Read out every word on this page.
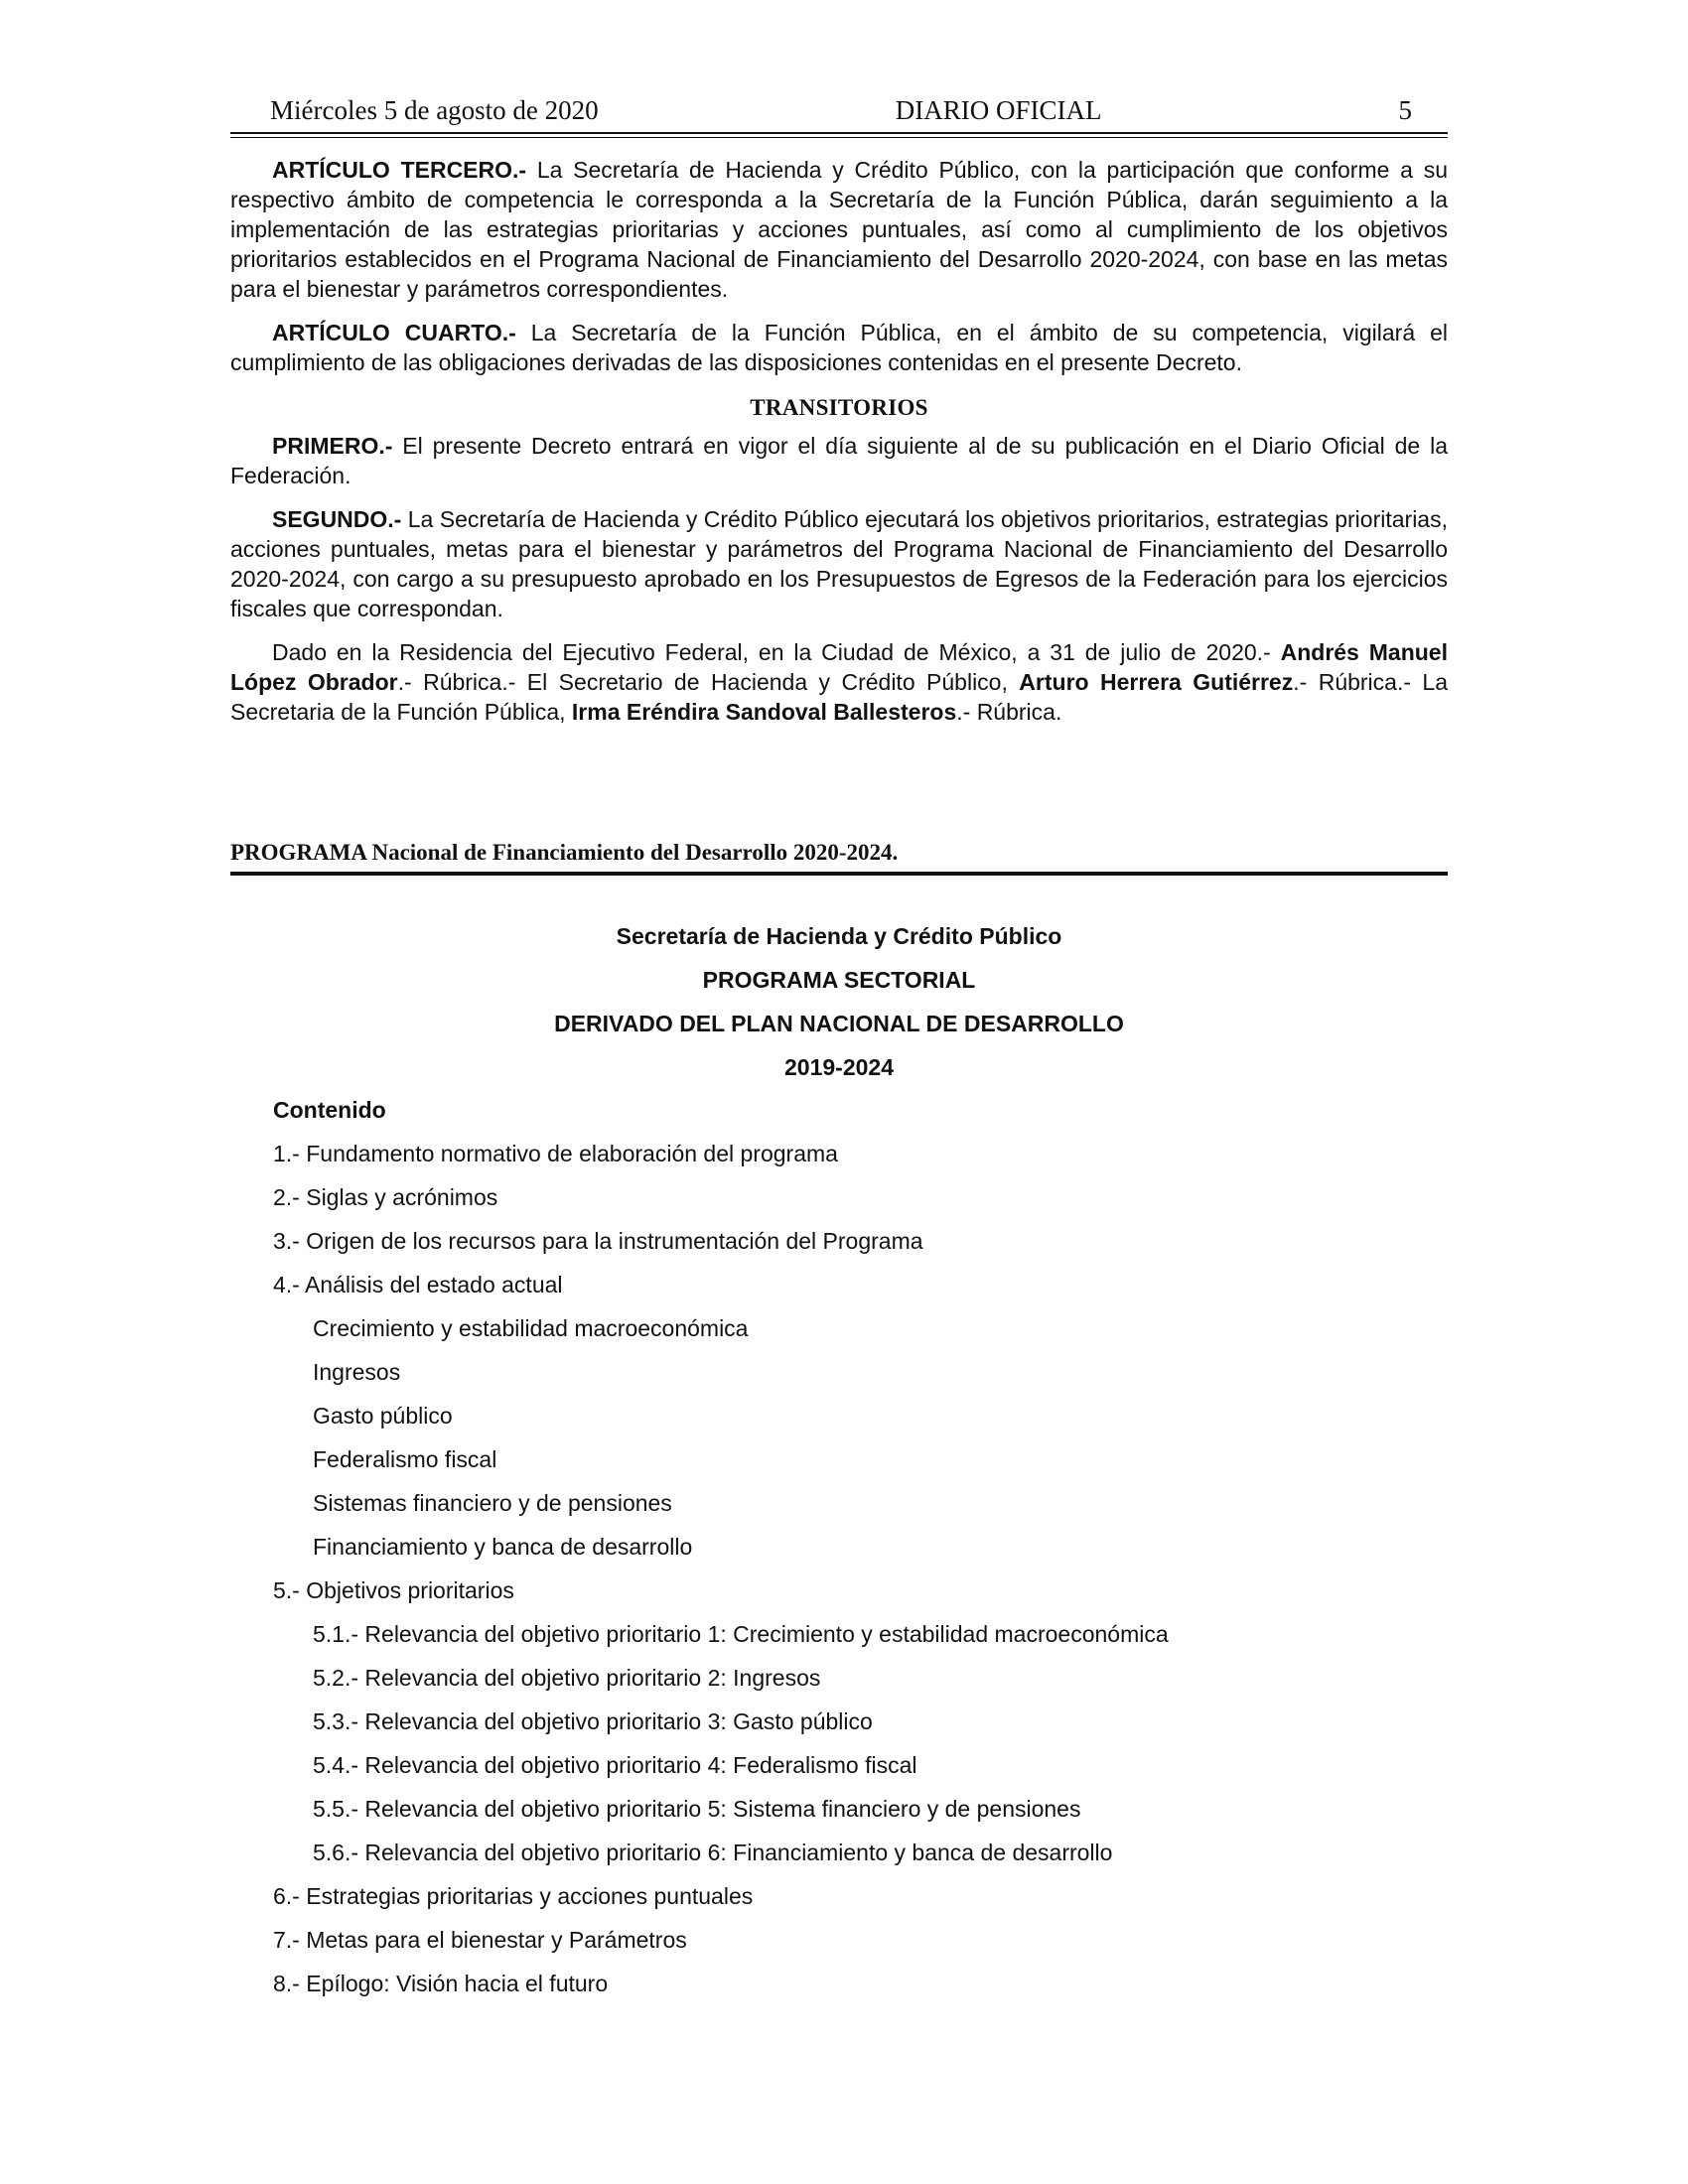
Miércoles 5 de agosto de 2020	DIARIO OFICIAL	5

ARTÍCULO TERCERO.- La Secretaría de Hacienda y Crédito Público, con la participación que conforme a su respectivo ámbito de competencia le corresponda a la Secretaría de la Función Pública, darán seguimiento a la implementación de las estrategias prioritarias y acciones puntuales, así como al cumplimiento de los objetivos prioritarios establecidos en el Programa Nacional de Financiamiento del Desarrollo 2020-2024, con base en las metas para el bienestar y parámetros correspondientes.

ARTÍCULO CUARTO.- La Secretaría de la Función Pública, en el ámbito de su competencia, vigilará el cumplimiento de las obligaciones derivadas de las disposiciones contenidas en el presente Decreto.

TRANSITORIOS

PRIMERO.- El presente Decreto entrará en vigor el día siguiente al de su publicación en el Diario Oficial de la Federación.

SEGUNDO.- La Secretaría de Hacienda y Crédito Público ejecutará los objetivos prioritarios, estrategias prioritarias, acciones puntuales, metas para el bienestar y parámetros del Programa Nacional de Financiamiento del Desarrollo 2020-2024, con cargo a su presupuesto aprobado en los Presupuestos de Egresos de la Federación para los ejercicios fiscales que correspondan.

Dado en la Residencia del Ejecutivo Federal, en la Ciudad de México, a 31 de julio de 2020.- Andrés Manuel López Obrador.- Rúbrica.- El Secretario de Hacienda y Crédito Público, Arturo Herrera Gutiérrez.- Rúbrica.- La Secretaria de la Función Pública, Irma Eréndira Sandoval Ballesteros.- Rúbrica.

PROGRAMA Nacional de Financiamiento del Desarrollo 2020-2024.
Secretaría de Hacienda y Crédito Público
PROGRAMA SECTORIAL
DERIVADO DEL PLAN NACIONAL DE DESARROLLO
2019-2024
Contenido
1.- Fundamento normativo de elaboración del programa
2.- Siglas y acrónimos
3.- Origen de los recursos para la instrumentación del Programa
4.- Análisis del estado actual
Crecimiento y estabilidad macroeconómica
Ingresos
Gasto público
Federalismo fiscal
Sistemas financiero y de pensiones
Financiamiento y banca de desarrollo
5.- Objetivos prioritarios
5.1.- Relevancia del objetivo prioritario 1: Crecimiento y estabilidad macroeconómica
5.2.- Relevancia del objetivo prioritario 2: Ingresos
5.3.- Relevancia del objetivo prioritario 3: Gasto público
5.4.- Relevancia del objetivo prioritario 4: Federalismo fiscal
5.5.- Relevancia del objetivo prioritario 5: Sistema financiero y de pensiones
5.6.- Relevancia del objetivo prioritario 6: Financiamiento y banca de desarrollo
6.- Estrategias prioritarias y acciones puntuales
7.- Metas para el bienestar y Parámetros
8.- Epílogo: Visión hacia el futuro
